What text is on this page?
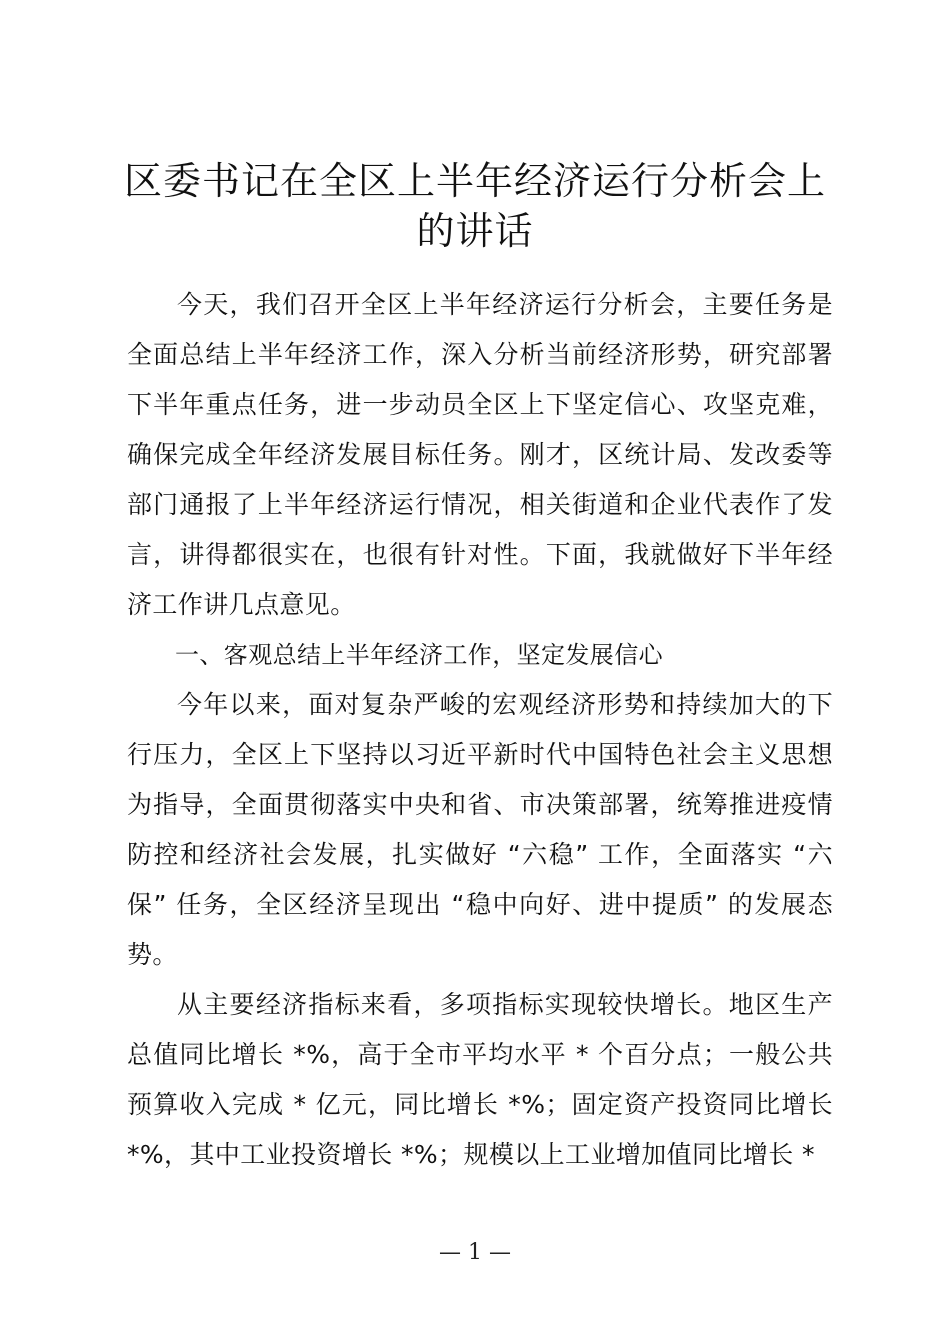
区委书记在全区上半年经济运行分析会上的讲话

今天，我们召开全区上半年经济运行分析会，主要任务是全面总结上半年经济工作，深入分析当前经济形势，研究部署下半年重点任务，进一步动员全区上下坚定信心、攻坚克难，确保完成全年经济发展目标任务。刚才，区统计局、发改委等部门通报了上半年经济运行情况，相关街道和企业代表作了发言，讲得都很实在，也很有针对性。下面，我就做好下半年经济工作讲几点意见。

一、客观总结上半年经济工作，坚定发展信心

今年以来，面对复杂严峻的宏观经济形势和持续加大的下行压力，全区上下坚持以习近平新时代中国特色社会主义思想为指导，全面贯彻落实中央和省、市决策部署，统筹推进疫情防控和经济社会发展，扎实做好 “六稳” 工作，全面落实 “六保” 任务，全区经济呈现出 “稳中向好、进中提质” 的发展态势。

从主要经济指标来看，多项指标实现较快增长。地区生产总值同比增长 *%，高于全市平均水平 * 个百分点；一般公共预算收入完成 * 亿元，同比增长 *%；固定资产投资同比增长 *%，其中工业投资增长 *%；规模以上工业增加值同比增长 *

— 1 —
